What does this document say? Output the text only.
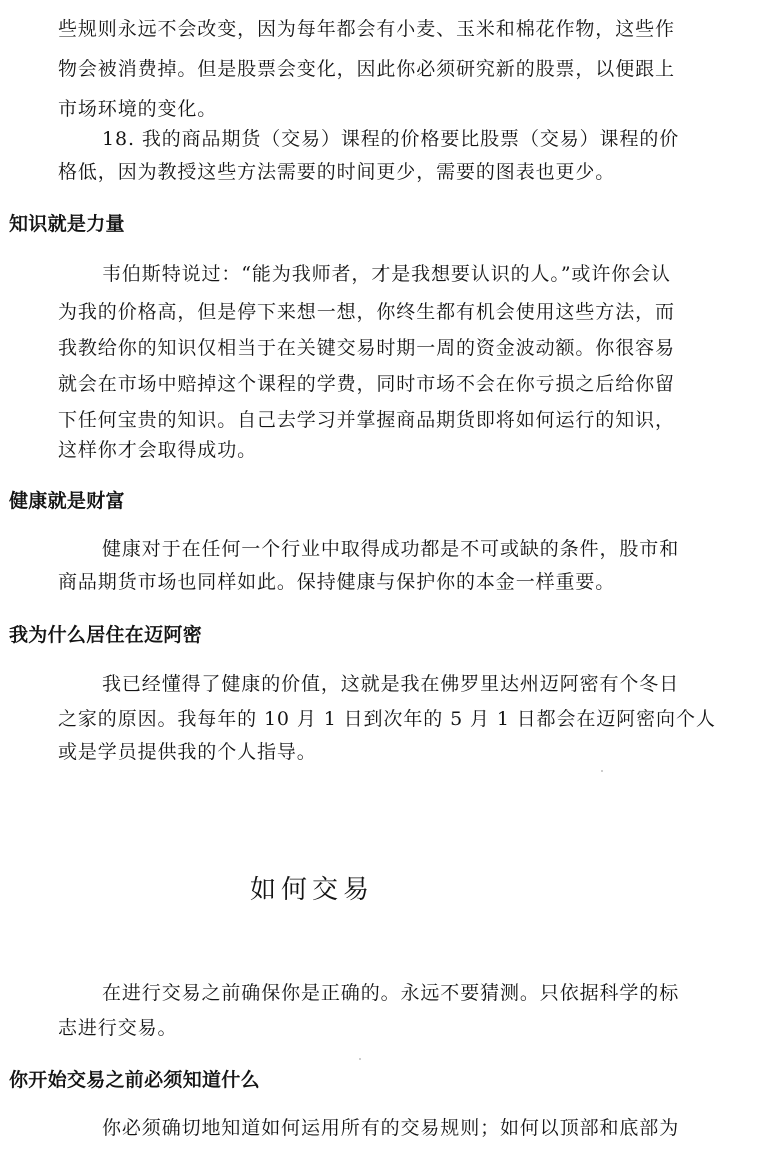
些规则永远不会改变，因为每年都会有小麦、玉米和棉花作物，这些作
物会被消费掉。但是股票会变化，因此你必须研究新的股票，以便跟上
市场环境的变化。
18. 我的商品期货（交易）课程的价格要比股票（交易）课程的价
格低，因为教授这些方法需要的时间更少，需要的图表也更少。
知识就是力量
韦伯斯特说过：“能为我师者，才是我想要认识的人。”或许你会认
为我的价格高，但是停下来想一想，你终生都有机会使用这些方法，而
我教给你的知识仅相当于在关键交易时期一周的资金波动额。你很容易
就会在市场中赔掉这个课程的学费，同时市场不会在你亏损之后给你留
下任何宝贵的知识。自己去学习并掌握商品期货即将如何运行的知识，
这样你才会取得成功。
健康就是财富
健康对于在任何一个行业中取得成功都是不可或缺的条件，股市和
商品期货市场也同样如此。保持健康与保护你的本金一样重要。
我为什么居住在迈阿密
我已经懂得了健康的价值，这就是我在佛罗里达州迈阿密有个冬日
之家的原因。我每年的 10 月 1 日到次年的 5 月 1 日都会在迈阿密向个人
或是学员提供我的个人指导。
如何交易
在进行交易之前确保你是正确的。永远不要猜测。只依据科学的标
志进行交易。
你开始交易之前必须知道什么
你必须确切地知道如何运用所有的交易规则；如何以顶部和底部为
